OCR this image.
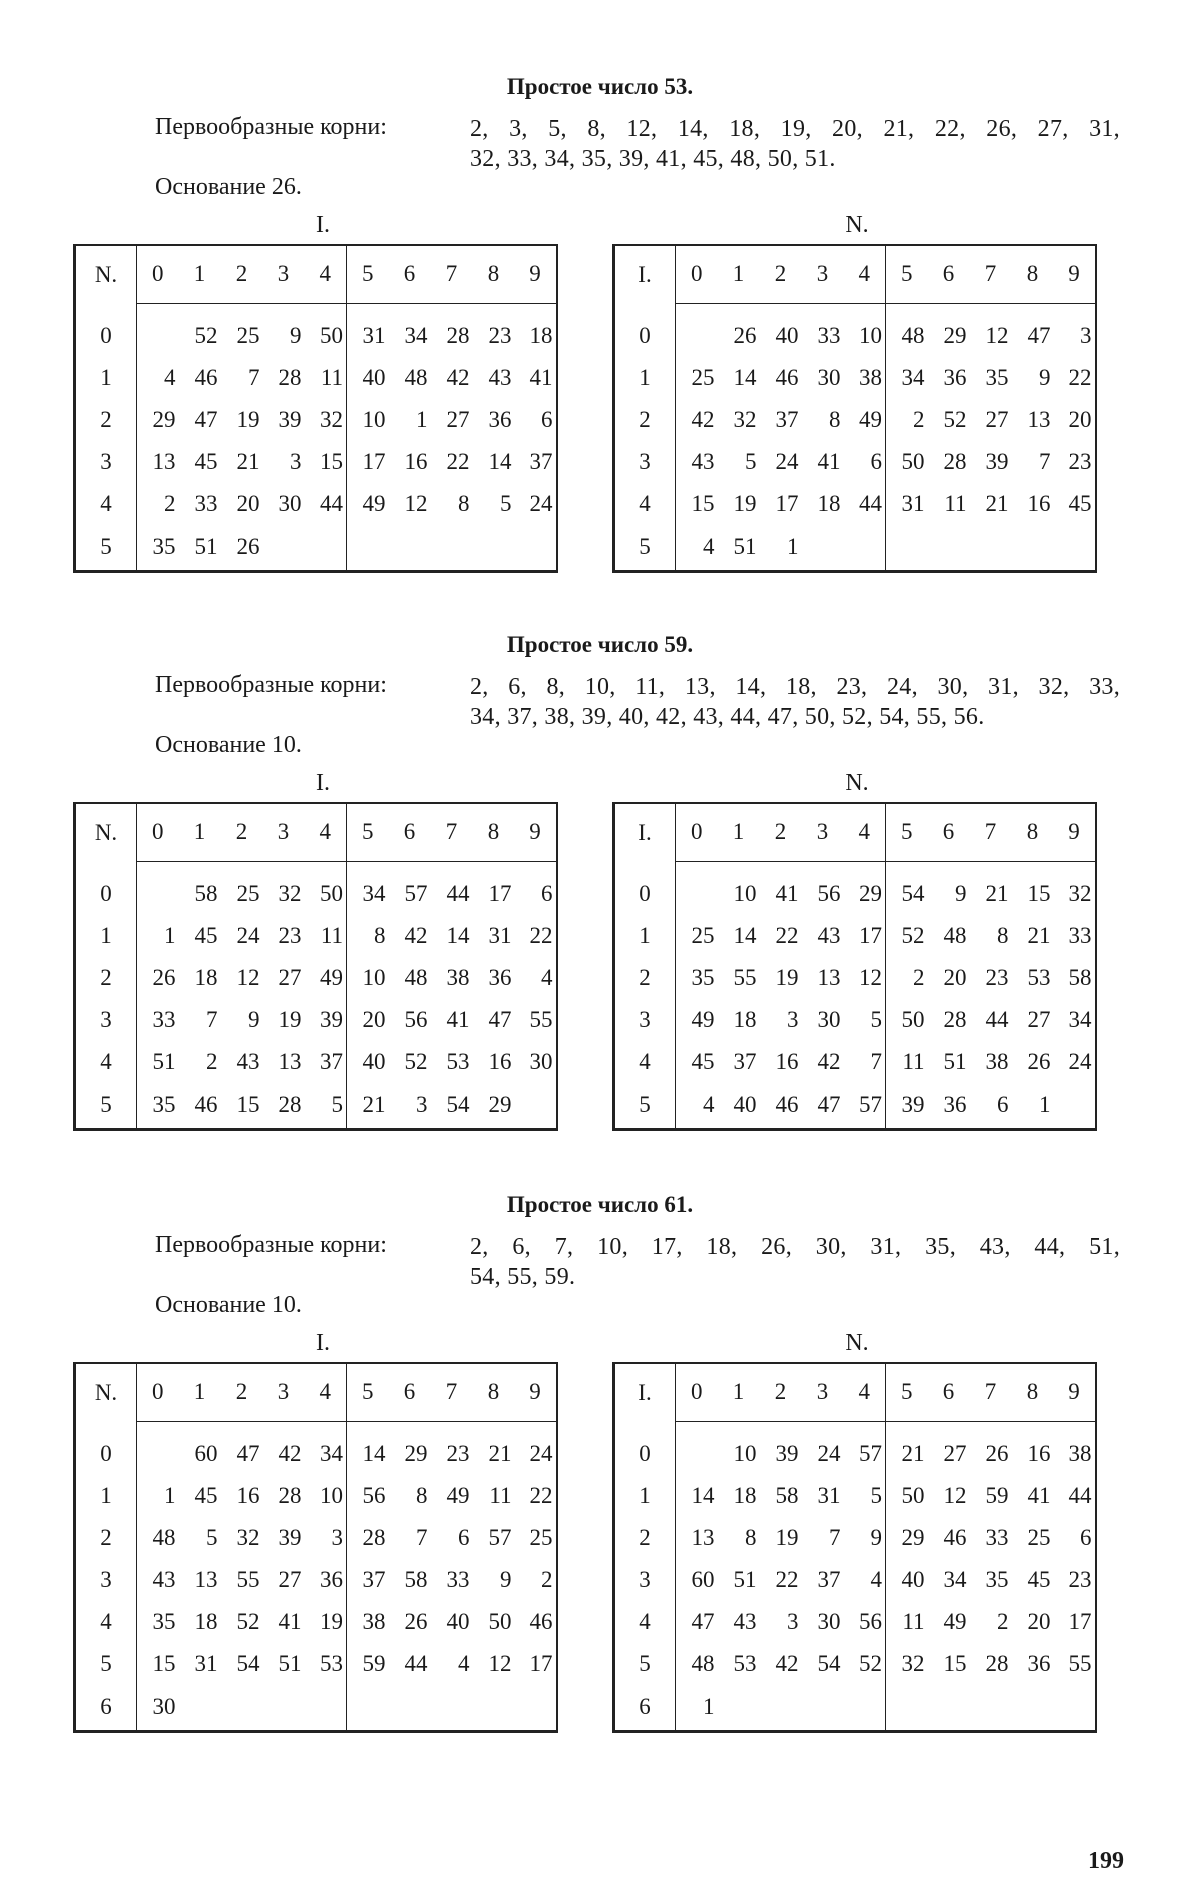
Простое число 53.
Первообразные корни:	2, 3, 5, 8, 12, 14, 18, 19, 20, 21, 22, 26, 27, 31,
32, 33, 34, 35, 39, 41, 45, 48, 50, 51.
Основание 26.
I.	N.
N.	0	1	2	3	4	5	6	7	8	9

0		52	25	9	50	31	34	28	23	18
1	4	46	7	28	11	40	48	42	43	41
2	29	47	19	39	32	10	1	27	36	6
3	13	45	21	3	15	17	16	22	14	37
4	2	33	20	30	44	49	12	8	5	24
5	35	51	26							
I.	0	1	2	3	4	5	6	7	8	9

0		26	40	33	10	48	29	12	47	3
1	25	14	46	30	38	34	36	35	9	22
2	42	32	37	8	49	2	52	27	13	20
3	43	5	24	41	6	50	28	39	7	23
4	15	19	17	18	44	31	11	21	16	45
5	4	51	1							
Простое число 59.
Первообразные корни:	2, 6, 8, 10, 11, 13, 14, 18, 23, 24, 30, 31, 32, 33,
34, 37, 38, 39, 40, 42, 43, 44, 47, 50, 52, 54, 55, 56.
Основание 10.
I.	N.
N.	0	1	2	3	4	5	6	7	8	9

0		58	25	32	50	34	57	44	17	6
1	1	45	24	23	11	8	42	14	31	22
2	26	18	12	27	49	10	48	38	36	4
3	33	7	9	19	39	20	56	41	47	55
4	51	2	43	13	37	40	52	53	16	30
5	35	46	15	28	5	21	3	54	29	
I.	0	1	2	3	4	5	6	7	8	9

0		10	41	56	29	54	9	21	15	32
1	25	14	22	43	17	52	48	8	21	33
2	35	55	19	13	12	2	20	23	53	58
3	49	18	3	30	5	50	28	44	27	34
4	45	37	16	42	7	11	51	38	26	24
5	4	40	46	47	57	39	36	6	1	
Простое число 61.
Первообразные корни:	2, 6, 7, 10, 17, 18, 26, 30, 31, 35, 43, 44, 51,
54, 55, 59.
Основание 10.
I.	N.
N.	0	1	2	3	4	5	6	7	8	9

0		60	47	42	34	14	29	23	21	24
1	1	45	16	28	10	56	8	49	11	22
2	48	5	32	39	3	28	7	6	57	25
3	43	13	55	27	36	37	58	33	9	2
4	35	18	52	41	19	38	26	40	50	46
5	15	31	54	51	53	59	44	4	12	17
6	30									
I.	0	1	2	3	4	5	6	7	8	9

0		10	39	24	57	21	27	26	16	38
1	14	18	58	31	5	50	12	59	41	44
2	13	8	19	7	9	29	46	33	25	6
3	60	51	22	37	4	40	34	35	45	23
4	47	43	3	30	56	11	49	2	20	17
5	48	53	42	54	52	32	15	28	36	55
6	1									
199
